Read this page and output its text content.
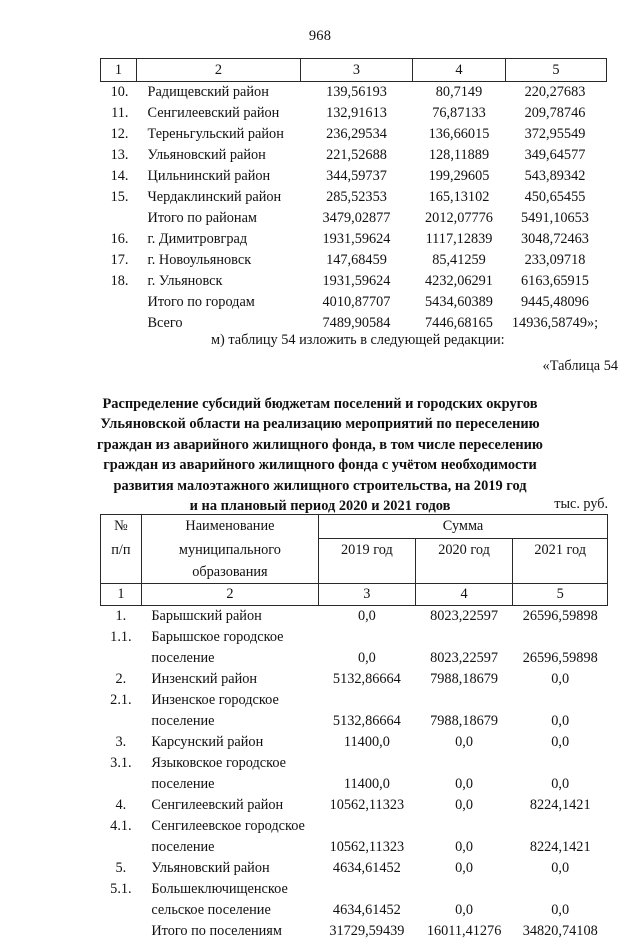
968
1	2	3	4	5
10.	Радищевский район	139,56193	80,7149	220,27683
11.	Сенгилеевский район	132,91613	76,87133	209,78746
12.	Тереньгульский район	236,29534	136,66015	372,95549
13.	Ульяновский район	221,52688	128,11889	349,64577
14.	Цильнинский район	344,59737	199,29605	543,89342
15.	Чердаклинский район	285,52353	165,13102	450,65455
	Итого по районам	3479,02877	2012,07776	5491,10653
16.	г. Димитровград	1931,59624	1117,12839	3048,72463
17.	г. Новоульяновск	147,68459	85,41259	233,09718
18.	г. Ульяновск	1931,59624	4232,06291	6163,65915
	Итого по городам	4010,87707	5434,60389	9445,48096
	Всего	7489,90584	7446,68165	14936,58749»;
м) таблицу 54 изложить в следующей редакции:
«Таблица 54
Распределение субсидий бюджетам поселений и городских округов
Ульяновской области на реализацию мероприятий по переселению
граждан из аварийного жилищного фонда, в том числе переселению
граждан из аварийного жилищного фонда с учётом необходимости
развития малоэтажного жилищного строительства, на 2019 год
и на плановый период 2020 и 2021 годов	тыс. руб.
№	Наименование	Сумма		
п/п	муниципального образования	2019 год	2020 год	2021 год
1	2	3	4	5
1.	Барышский район	0,0	8023,22597	26596,59898
1.1.	Барышское городское			
	поселение	0,0	8023,22597	26596,59898
2.	Инзенский район	5132,86664	7988,18679	0,0
2.1.	Инзенское городское			
	поселение	5132,86664	7988,18679	0,0
3.	Карсунский район	11400,0	0,0	0,0
3.1.	Языковское городское			
	поселение	11400,0	0,0	0,0
4.	Сенгилеевский район	10562,11323	0,0	8224,1421
4.1.	Сенгилеевское городское			
	поселение	10562,11323	0,0	8224,1421
5.	Ульяновский район	4634,61452	0,0	0,0
5.1.	Большеключищенское			
	сельское поселение	4634,61452	0,0	0,0
	Итого по поселениям	31729,59439	16011,41276	34820,74108
